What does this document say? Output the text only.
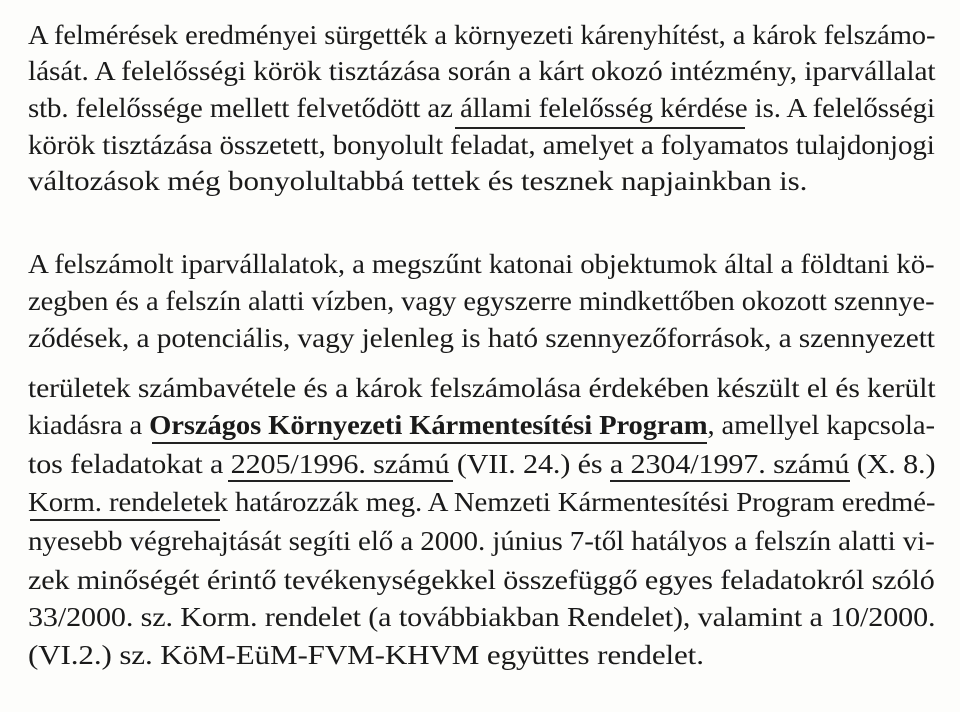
A felmérések eredményei sürgették a környezeti kárenyhítést, a károk felszámo-
lását. A felelősségi körök tisztázása során a kárt okozó intézmény, iparvállalat
stb. felelőssége mellett felvetődött az állami felelősség kérdése is. A felelősségi
körök tisztázása összetett, bonyolult feladat, amelyet a folyamatos tulajdonjogi
változások még bonyolultabbá tettek és tesznek napjainkban is.
A felszámolt iparvállalatok, a megszűnt katonai objektumok által a földtani kö-
zegben és a felszín alatti vízben, vagy egyszerre mindkettőben okozott szennye-
ződések, a potenciális, vagy jelenleg is ható szennyezőforrások, a szennyezett
területek számbavétele és a károk felszámolása érdekében készült el és került
kiadásra a Országos Környezeti Kármentesítési Program, amellyel kapcsola-
tos feladatokat a 2205/1996. számú (VII. 24.) és a 2304/1997. számú (X. 8.)
Korm. rendeletek határozzák meg. A Nemzeti Kármentesítési Program eredmé-
nyesebb végrehajtását segíti elő a 2000. június 7-től hatályos a felszín alatti vi-
zek minőségét érintő tevékenységekkel összefüggő egyes feladatokról szóló
33/2000. sz. Korm. rendelet (a továbbiakban Rendelet), valamint a 10/2000.
(VI.2.) sz. KöM-EüM-FVM-KHVM együttes rendelet.
